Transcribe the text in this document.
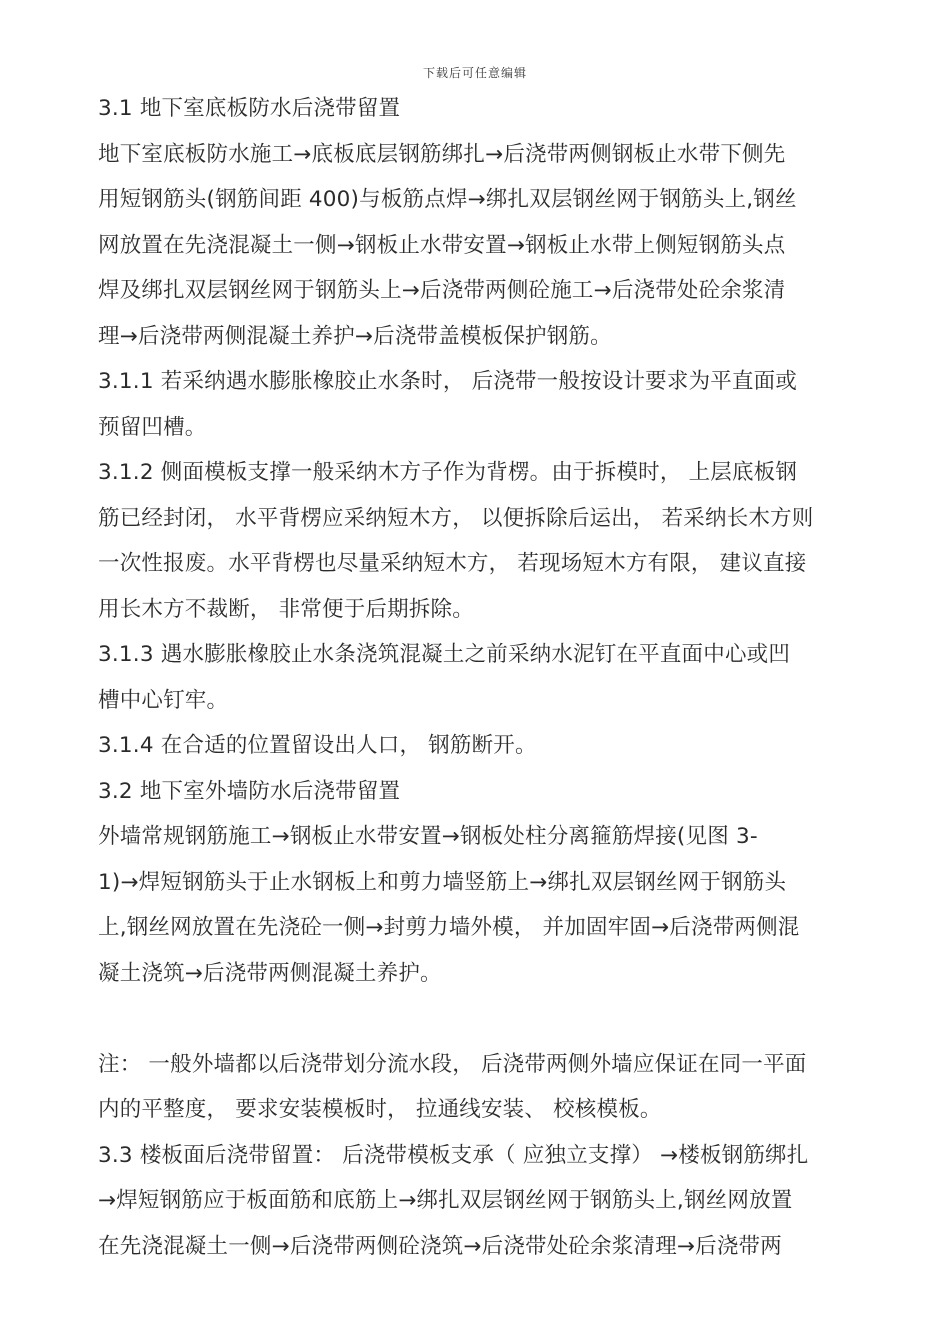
下载后可任意编辑
3.1 地下室底板防水后浇带留置
地下室底板防水施工→底板底层钢筋绑扎→后浇带两侧钢板止水带下侧先
用短钢筋头(钢筋间距 400)与板筋点焊→绑扎双层钢丝网于钢筋头上,钢丝
网放置在先浇混凝土一侧→钢板止水带安置→钢板止水带上侧短钢筋头点
焊及绑扎双层钢丝网于钢筋头上→后浇带两侧砼施工→后浇带处砼余浆清
理→后浇带两侧混凝土养护→后浇带盖模板保护钢筋。
3.1.1 若采纳遇水膨胀橡胶止水条时， 后浇带一般按设计要求为平直面或
预留凹槽。
3.1.2 侧面模板支撑一般采纳木方子作为背楞。由于拆模时， 上层底板钢
筋已经封闭， 水平背楞应采纳短木方， 以便拆除后运出， 若采纳长木方则
一次性报废。水平背楞也尽量采纳短木方， 若现场短木方有限， 建议直接
用长木方不裁断， 非常便于后期拆除。
3.1.3 遇水膨胀橡胶止水条浇筑混凝土之前采纳水泥钉在平直面中心或凹
槽中心钉牢。
3.1.4 在合适的位置留设出人口， 钢筋断开。
3.2 地下室外墙防水后浇带留置
外墙常规钢筋施工→钢板止水带安置→钢板处柱分离箍筋焊接(见图 3-
1)→焊短钢筋头于止水钢板上和剪力墙竖筋上→绑扎双层钢丝网于钢筋头
上,钢丝网放置在先浇砼一侧→封剪力墙外模， 并加固牢固→后浇带两侧混
凝土浇筑→后浇带两侧混凝土养护。
注： 一般外墙都以后浇带划分流水段， 后浇带两侧外墙应保证在同一平面
内的平整度， 要求安装模板时， 拉通线安装、 校核模板。
3.3 楼板面后浇带留置： 后浇带模板支承（ 应独立支撑） →楼板钢筋绑扎
→焊短钢筋应于板面筋和底筋上→绑扎双层钢丝网于钢筋头上,钢丝网放置
在先浇混凝土一侧→后浇带两侧砼浇筑→后浇带处砼余浆清理→后浇带两
